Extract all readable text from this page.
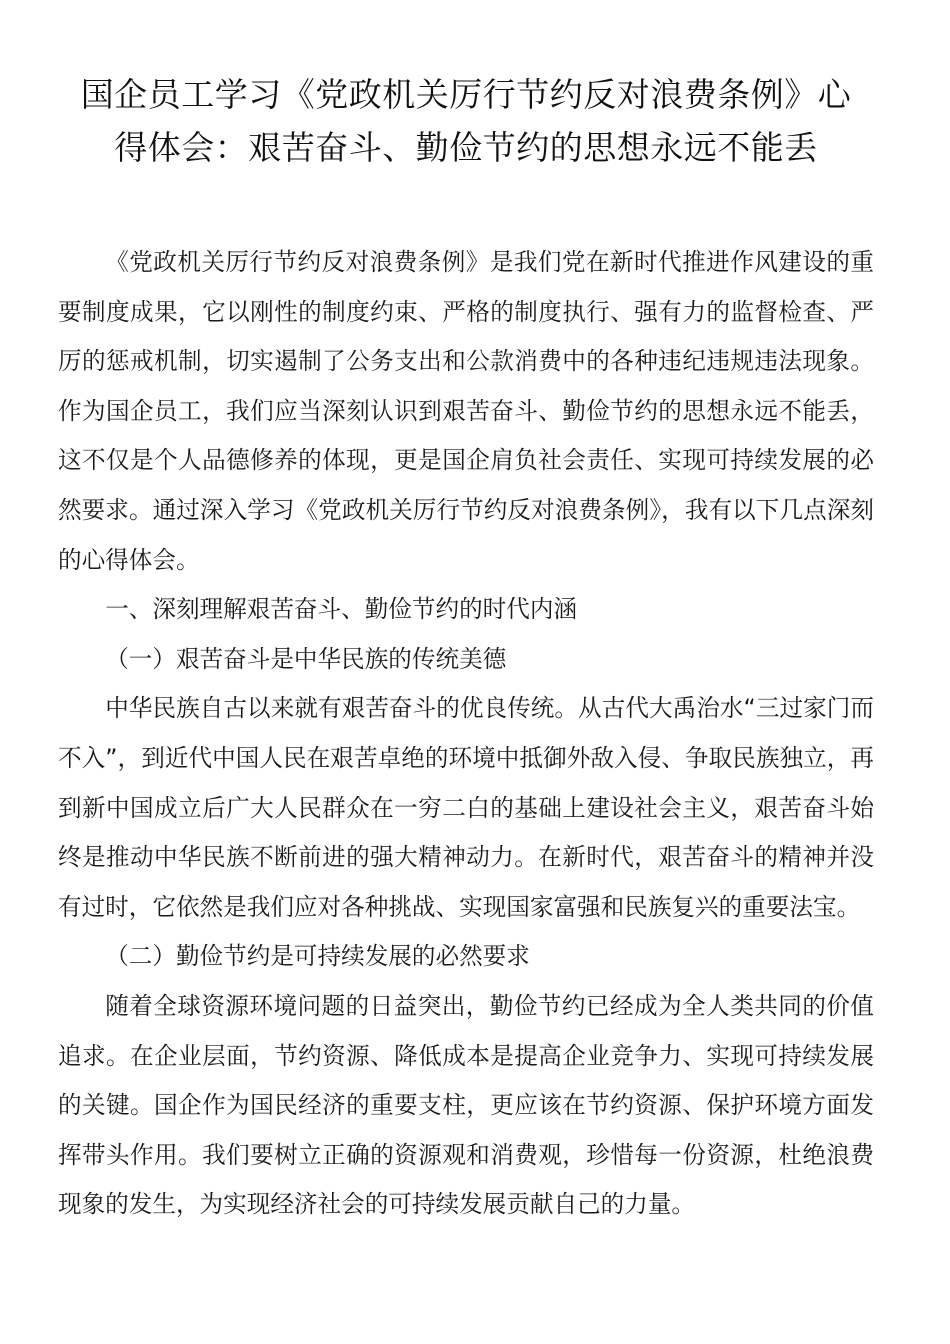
国企员工学习《党政机关厉行节约反对浪费条例》心
得体会：艰苦奋斗、勤俭节约的思想永远不能丢

《党政机关厉行节约反对浪费条例》是我们党在新时代推进作风建设的重要制度成果，它以刚性的制度约束、严格的制度执行、强有力的监督检查、严厉的惩戒机制，切实遏制了公务支出和公款消费中的各种违纪违规违法现象。作为国企员工，我们应当深刻认识到艰苦奋斗、勤俭节约的思想永远不能丢，这不仅是个人品德修养的体现，更是国企肩负社会责任、实现可持续发展的必然要求。通过深入学习《党政机关厉行节约反对浪费条例》，我有以下几点深刻的心得体会。

一、深刻理解艰苦奋斗、勤俭节约的时代内涵

（一）艰苦奋斗是中华民族的传统美德

中华民族自古以来就有艰苦奋斗的优良传统。从古代大禹治水“三过家门而不入”，到近代中国人民在艰苦卓绝的环境中抵御外敌入侵、争取民族独立，再到新中国成立后广大人民群众在一穷二白的基础上建设社会主义，艰苦奋斗始终是推动中华民族不断前进的强大精神动力。在新时代，艰苦奋斗的精神并没有过时，它依然是我们应对各种挑战、实现国家富强和民族复兴的重要法宝。

（二）勤俭节约是可持续发展的必然要求

随着全球资源环境问题的日益突出，勤俭节约已经成为全人类共同的价值追求。在企业层面，节约资源、降低成本是提高企业竞争力、实现可持续发展的关键。国企作为国民经济的重要支柱，更应该在节约资源、保护环境方面发挥带头作用。我们要树立正确的资源观和消费观，珍惜每一份资源，杜绝浪费现象的发生，为实现经济社会的可持续发展贡献自己的力量。
